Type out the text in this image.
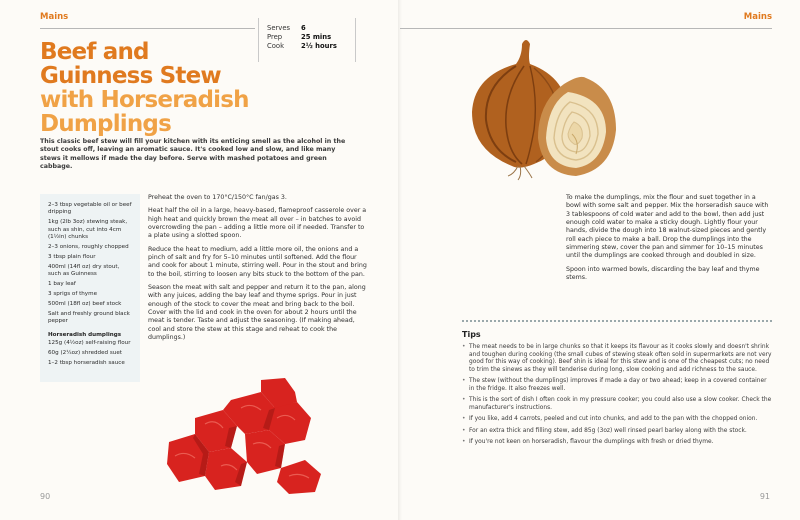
Mains
Serves	6
Prep	25 mins
Cook	2½ hours
Beef and
Guinness Stew
with Horseradish
Dumplings

This classic beef stew will fill your kitchen with its enticing smell as the alcohol in the stout cooks off, leaving an aromatic sauce. It's cooked low and slow, and like many stews it mellows if made the day before. Serve with mashed potatoes and green cabbage.

2–3 tbsp vegetable oil or beef dripping
1kg (2lb 3oz) stewing steak, such as shin, cut into 4cm (1½in) chunks
2–3 onions, roughly chopped
3 tbsp plain flour
400ml (14fl oz) dry stout, such as Guinness
1 bay leaf
3 sprigs of thyme
500ml (18fl oz) beef stock
Salt and freshly ground black pepper
Horseradish dumplings
125g (4½oz) self-raising flour
60g (2¼oz) shredded suet
1–2 tbsp horseradish sauce

Preheat the oven to 170°C/150°C fan/gas 3.

Heat half the oil in a large, heavy-based, flameproof casserole over a high heat and quickly brown the meat all over – in batches to avoid overcrowding the pan – adding a little more oil if needed. Transfer to a plate using a slotted spoon.

Reduce the heat to medium, add a little more oil, the onions and a pinch of salt and fry for 5–10 minutes until softened. Add the flour and cook for about 1 minute, stirring well. Pour in the stout and bring to the boil, stirring to loosen any bits stuck to the bottom of the pan.

Season the meat with salt and pepper and return it to the pan, along with any juices, adding the bay leaf and thyme sprigs. Pour in just enough of the stock to cover the meat and bring back to the boil. Cover with the lid and cook in the oven for about 2 hours until the meat is tender. Taste and adjust the seasoning. (If making ahead, cool and store the stew at this stage and reheat to cook the dumplings.)

90
Mains

To make the dumplings, mix the flour and suet together in a bowl with some salt and pepper. Mix the horseradish sauce with 3 tablespoons of cold water and add to the bowl, then add just enough cold water to make a sticky dough. Lightly flour your hands, divide the dough into 18 walnut-sized pieces and gently roll each piece to make a ball. Drop the dumplings into the simmering stew, cover the pan and simmer for 10–15 minutes until the dumplings are cooked through and doubled in size.

Spoon into warmed bowls, discarding the bay leaf and thyme stems.

Tips
• The meat needs to be in large chunks so that it keeps its flavour as it cooks slowly and doesn't shrink and toughen during cooking (the small cubes of stewing steak often sold in supermarkets are not very good for this way of cooking). Beef shin is ideal for this stew and is one of the cheapest cuts; no need to trim the sinews as they will tenderise during long, slow cooking and add richness to the sauce.
• The stew (without the dumplings) improves if made a day or two ahead; keep in a covered container in the fridge. It also freezes well.
• This is the sort of dish I often cook in my pressure cooker; you could also use a slow cooker. Check the manufacturer's instructions.
• If you like, add 4 carrots, peeled and cut into chunks, and add to the pan with the chopped onion.
• For an extra thick and filling stew, add 85g (3oz) well rinsed pearl barley along with the stock.
• If you're not keen on horseradish, flavour the dumplings with fresh or dried thyme.
91
